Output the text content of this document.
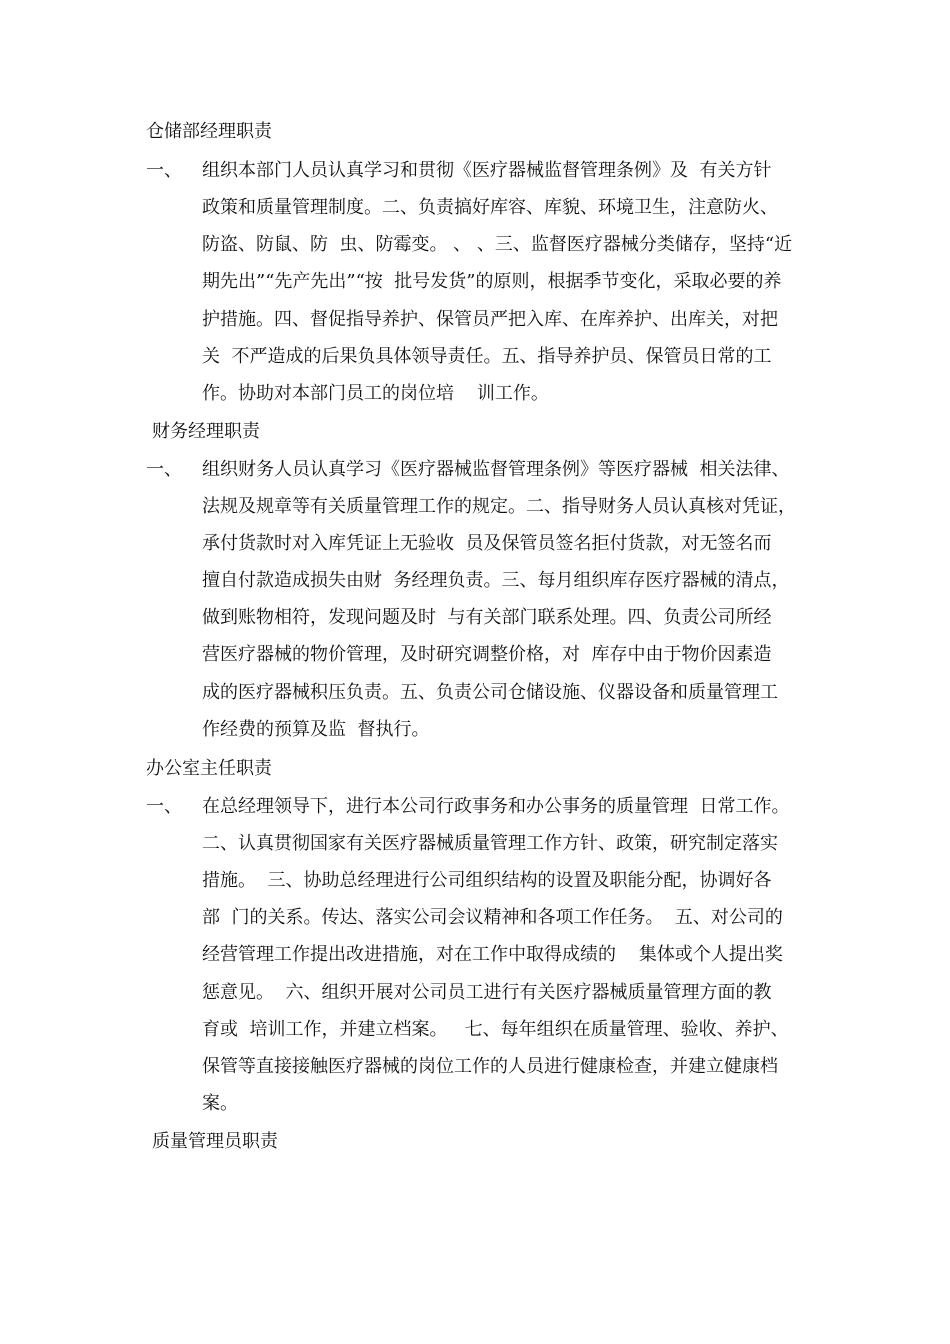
仓储部经理职责
一、 组织本部门人员认真学习和贯彻《医疗器械监督管理条例》及  有关方针
政策和质量管理制度。二、负责搞好库容、库貌、环境卫生，注意防火、
防盗、防鼠、防  虫、防霉变。 、 、三、监督医疗器械分类储存，坚持“近
期先出”“先产先出”“按  批号发货”的原则，根据季节变化，采取必要的养
护措施。四、督促指导养护、保管员严把入库、在库养护、出库关，对把
关  不严造成的后果负具体领导责任。五、指导养护员、保管员日常的工
作。协助对本部门员工的岗位培    训工作。
财务经理职责
一、 组织财务人员认真学习《医疗器械监督管理条例》等医疗器械  相关法律、
法规及规章等有关质量管理工作的规定。二、指导财务人员认真核对凭证，
承付货款时对入库凭证上无验收  员及保管员签名拒付货款，对无签名而
擅自付款造成损失由财  务经理负责。三、每月组织库存医疗器械的清点，
做到账物相符，发现问题及时  与有关部门联系处理。四、负责公司所经
营医疗器械的物价管理，及时研究调整价格，对  库存中由于物价因素造
成的医疗器械积压负责。五、负责公司仓储设施、仪器设备和质量管理工
作经费的预算及监  督执行。
办公室主任职责
一、 在总经理领导下，进行本公司行政事务和办公事务的质量管理  日常工作。
二、认真贯彻国家有关医疗器械质量管理工作方针、政策，研究制定落实
措施。  三、协助总经理进行公司组织结构的设置及职能分配，协调好各
部  门的关系。传达、落实公司会议精神和各项工作任务。  五、对公司的
经营管理工作提出改进措施，对在工作中取得成绩的    集体或个人提出奖
惩意见。  六、组织开展对公司员工进行有关医疗器械质量管理方面的教
育或  培训工作，并建立档案。   七、每年组织在质量管理、验收、养护、
保管等直接接触医疗器械的岗位工作的人员进行健康检查，并建立健康档
案。
质量管理员职责
